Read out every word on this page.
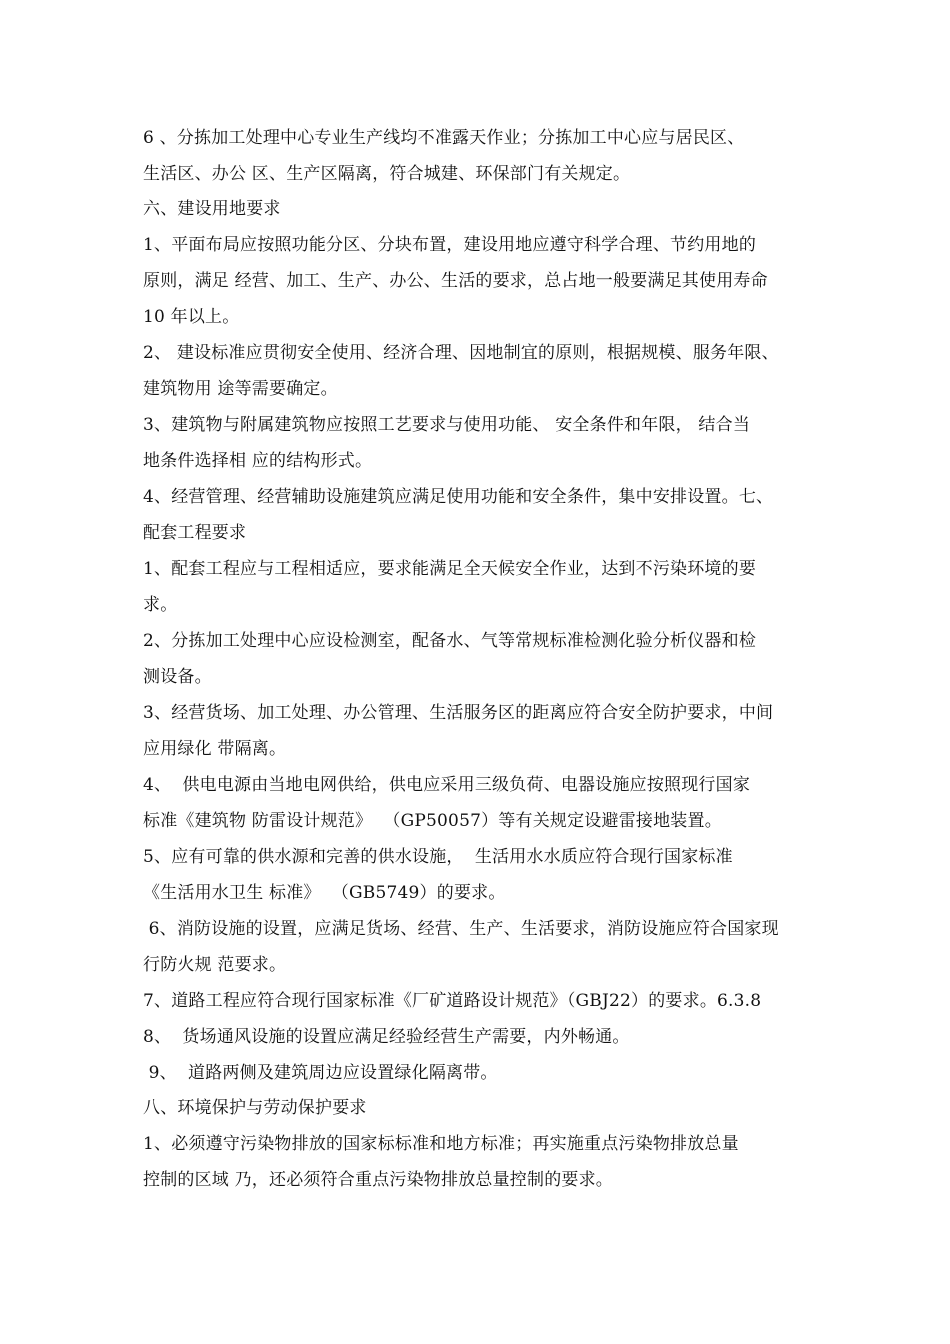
6 、分拣加工处理中心专业生产线均不准露天作业；分拣加工中心应与居民区、
生活区、办公 区、生产区隔离，符合城建、环保部门有关规定。
六、建设用地要求
1、平面布局应按照功能分区、分块布置，建设用地应遵守科学合理、节约用地的
原则，满足 经营、加工、生产、办公、生活的要求，总占地一般要满足其使用寿命
10 年以上。
2、 建设标准应贯彻安全使用、经济合理、因地制宜的原则，根据规模、服务年限、
建筑物用 途等需要确定。
3、建筑物与附属建筑物应按照工艺要求与使用功能、 安全条件和年限， 结合当
地条件选择相 应的结构形式。
4、经营管理、经营辅助设施建筑应满足使用功能和安全条件，集中安排设置。七、
配套工程要求
1、配套工程应与工程相适应，要求能满足全天候安全作业，达到不污染环境的要
求。
2、分拣加工处理中心应设检测室，配备水、气等常规标准检测化验分析仪器和检
测设备。
3、经营货场、加工处理、办公管理、生活服务区的距离应符合安全防护要求，中间
应用绿化 带隔离。
4、  供电电源由当地电网供给，供电应采用三级负荷、电器设施应按照现行国家
标准《建筑物 防雷设计规范》  （GP50057）等有关规定设避雷接地装置。
5、应有可靠的供水源和完善的供水设施，  生活用水水质应符合现行国家标准
《生活用水卫生 标准》  （GB5749）的要求。
6、消防设施的设置，应满足货场、经营、生产、生活要求，消防设施应符合国家现
行防火规 范要求。
7、道路工程应符合现行国家标准《厂矿道路设计规范》（GBJ22）的要求。6.3.8
8、  货场通风设施的设置应满足经验经营生产需要，内外畅通。
9、  道路两侧及建筑周边应设置绿化隔离带。
八、环境保护与劳动保护要求
1、必须遵守污染物排放的国家标标准和地方标准；再实施重点污染物排放总量
控制的区域 乃，还必须符合重点污染物排放总量控制的要求。
